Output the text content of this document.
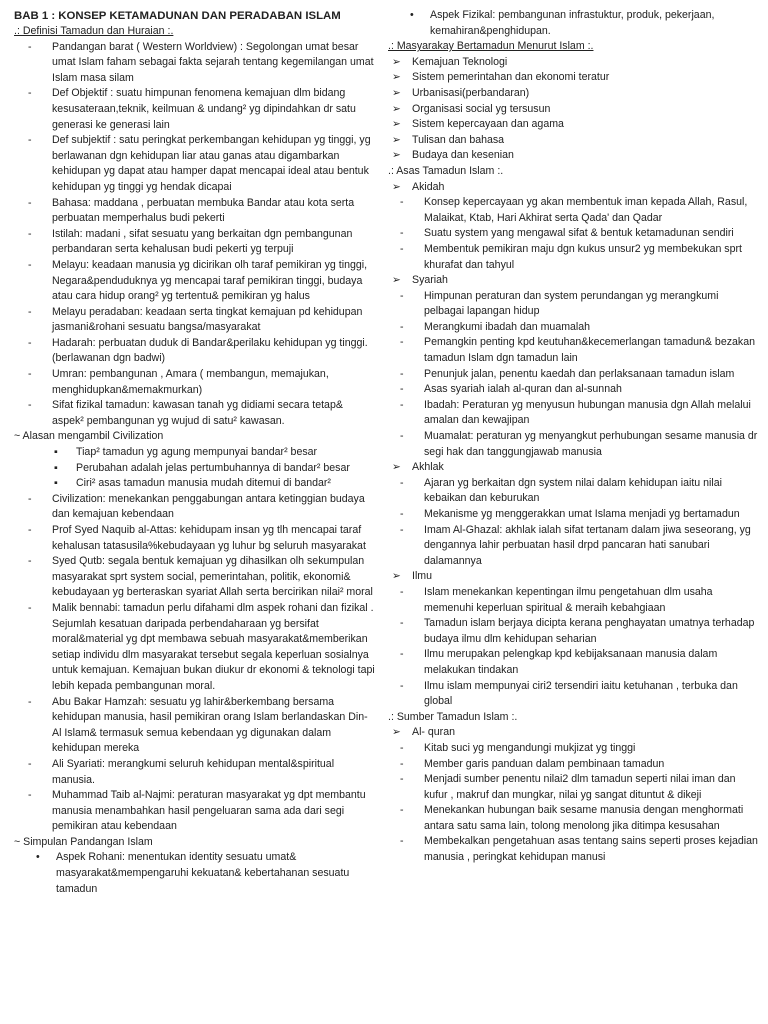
BAB 1 : KONSEP KETAMADUNAN DAN PERADABAN ISLAM
.: Definisi Tamadun dan Huraian :.
-	Pandangan barat ( Western Worldview) : Segolongan umat besar umat Islam faham sebagai fakta sejarah tentang kegemilangan umat Islam masa silam
-	Def Objektif : suatu himpunan fenomena kemajuan dlm bidang kesusateraan,teknik, keilmuan & undang² yg dipindahkan dr satu generasi ke generasi lain
-	Def subjektif : satu peringkat perkembangan kehidupan yg tinggi, yg berlawanan dgn kehidupan liar atau ganas atau digambarkan kehidupan yg dapat atau hamper dapat mencapai ideal atau bentuk kehidupan yg tinggi yg hendak dicapai
-	Bahasa: maddana , perbuatan membuka Bandar atau kota serta perbuatan memperhalus budi pekerti
-	Istilah: madani , sifat sesuatu yang berkaitan dgn pembangunan perbandaran serta kehalusan budi pekerti yg terpuji
-	Melayu: keadaan manusia yg dicirikan olh taraf pemikiran yg tinggi, Negara&penduduknya yg mencapai taraf pemikiran tinggi, budaya atau cara hidup orang² yg tertentu& pemikiran yg halus
-	Melayu peradaban: keadaan serta tingkat kemajuan pd kehidupan jasmani&rohani sesuatu bangsa/masyarakat
-	Hadarah: perbuatan duduk di Bandar&perilaku kehidupan yg tinggi.(berlawanan dgn badwi)
-	Umran: pembangunan , Amara ( membangun, memajukan, menghidupkan&memakmurkan)
-	Sifat fizikal tamadun: kawasan tanah yg didiami secara tetap& aspek² pembangunan yg wujud di satu² kawasan.
~ Alasan mengambil Civilization
▪	Tiap² tamadun yg agung mempunyai bandar² besar
▪	Perubahan adalah jelas pertumbuhannya di bandar² besar
▪	Ciri² asas tamadun manusia mudah ditemui di bandar²
-	Civilization: menekankan penggabungan antara ketinggian budaya dan kemajuan kebendaan
-	Prof Syed Naquib al-Attas: kehidupam insan yg tlh mencapai taraf kehalusan tatasusila%kebudayaan yg luhur bg seluruh masyarakat
-	Syed Qutb: segala bentuk kemajuan yg dihasilkan olh sekumpulan masyarakat sprt system social, pemerintahan, politik, ekonomi& kebudayaan yg berteraskan syariat Allah serta bercirikan nilai² moral
-	Malik bennabi: tamadun perlu difahami dlm aspek rohani dan fizikal . Sejumlah kesatuan daripada perbendaharaan yg bersifat moral&material yg dpt membawa sebuah masyarakat&memberikan setiap individu dlm masyarakat tersebut segala keperluan sosialnya untuk kemajuan. Kemajuan bukan diukur dr ekonomi & teknologi tapi lebih kepada pembangunan moral.
-	Abu Bakar Hamzah: sesuatu yg lahir&berkembang bersama kehidupan manusia, hasil pemikiran orang Islam berlandaskan Din-Al Islam& termasuk semua kebendaan yg digunakan dalam kehidupan mereka
-	Ali Syariati: merangkumi seluruh kehidupan mental&spiritual manusia.
-	Muhammad Taib al-Najmi: peraturan masyarakat yg dpt membantu manusia menambahkan hasil pengeluaran sama ada dari segi pemikiran atau kebendaan
~ Simpulan Pandangan Islam
•	Aspek Rohani: menentukan identity sesuatu umat& masyarakat&mempengaruhi kekuatan& kebertahanan sesuatu tamadun
•	Aspek Fizikal: pembangunan infrastuktur, produk, pekerjaan, kemahiran&penghidupan.
.: Masyarakay Bertamadun Menurut Islam :.
➢	Kemajuan Teknologi
➢	Sistem pemerintahan dan ekonomi teratur
➢	Urbanisasi(perbandaran)
➢	Organisasi social yg tersusun
➢	Sistem kepercayaan dan agama
➢	Tulisan dan bahasa
➢	Budaya dan kesenian
.: Asas Tamadun Islam :.
➢	Akidah
-	Konsep kepercayaan yg akan membentuk iman kepada Allah, Rasul, Malaikat, Ktab, Hari Akhirat serta Qada' dan Qadar
-	Suatu system yang mengawal sifat & bentuk ketamadunan sendiri
-	Membentuk pemikiran maju dgn kukus unsur2 yg membekukan sprt khurafat dan tahyul
➢	Syariah
-	Himpunan peraturan dan system perundangan yg merangkumi pelbagai lapangan hidup
-	Merangkumi ibadah dan muamalah
-	Pemangkin penting kpd keutuhan&kecemerlangan tamadun& bezakan tamadun Islam dgn tamadun lain
-	Penunjuk jalan, penentu kaedah dan perlaksanaan tamadun islam
-	Asas syariah ialah al-quran dan al-sunnah
-	Ibadah: Peraturan yg menyusun hubungan manusia dgn Allah melalui amalan dan kewajipan
-	Muamalat: peraturan yg menyangkut perhubungan sesame manusia dr segi hak dan tanggungjawab manusia
➢	Akhlak
-	Ajaran yg berkaitan dgn system nilai dalam kehidupan iaitu nilai kebaikan dan keburukan
-	Mekanisme yg menggerakkan umat Islama menjadi yg bertamadun
-	Imam Al-Ghazal: akhlak ialah sifat tertanam dalam jiwa seseorang, yg dengannya lahir perbuatan hasil drpd pancaran hati sanubari dalamannya
➢	Ilmu
-	Islam menekankan kepentingan ilmu pengetahuan dlm usaha memenuhi keperluan spiritual & meraih kebahgiaan
-	Tamadun islam berjaya dicipta kerana penghayatan umatnya terhadap budaya ilmu dlm kehidupan seharian
-	Ilmu merupakan pelengkap kpd kebijaksanaan manusia dalam melakukan tindakan
-	Ilmu islam mempunyai ciri2 tersendiri iaitu ketuhanan , terbuka dan global
.: Sumber Tamadun Islam :.
➢	Al- quran
-	Kitab suci yg mengandungi mukjizat yg tinggi
-	Member garis panduan dalam pembinaan tamadun
-	Menjadi sumber penentu nilai2 dlm tamadun seperti nilai iman dan kufur , makruf dan mungkar, nilai yg sangat dituntut & dikeji
-	Menekankan hubungan baik sesame manusia dengan menghormati antara satu sama lain, tolong menolong jika ditimpa kesusahan
-	Membekalkan pengetahuan asas tentang sains seperti proses kejadian manusia , peringkat kehidupan manusi
